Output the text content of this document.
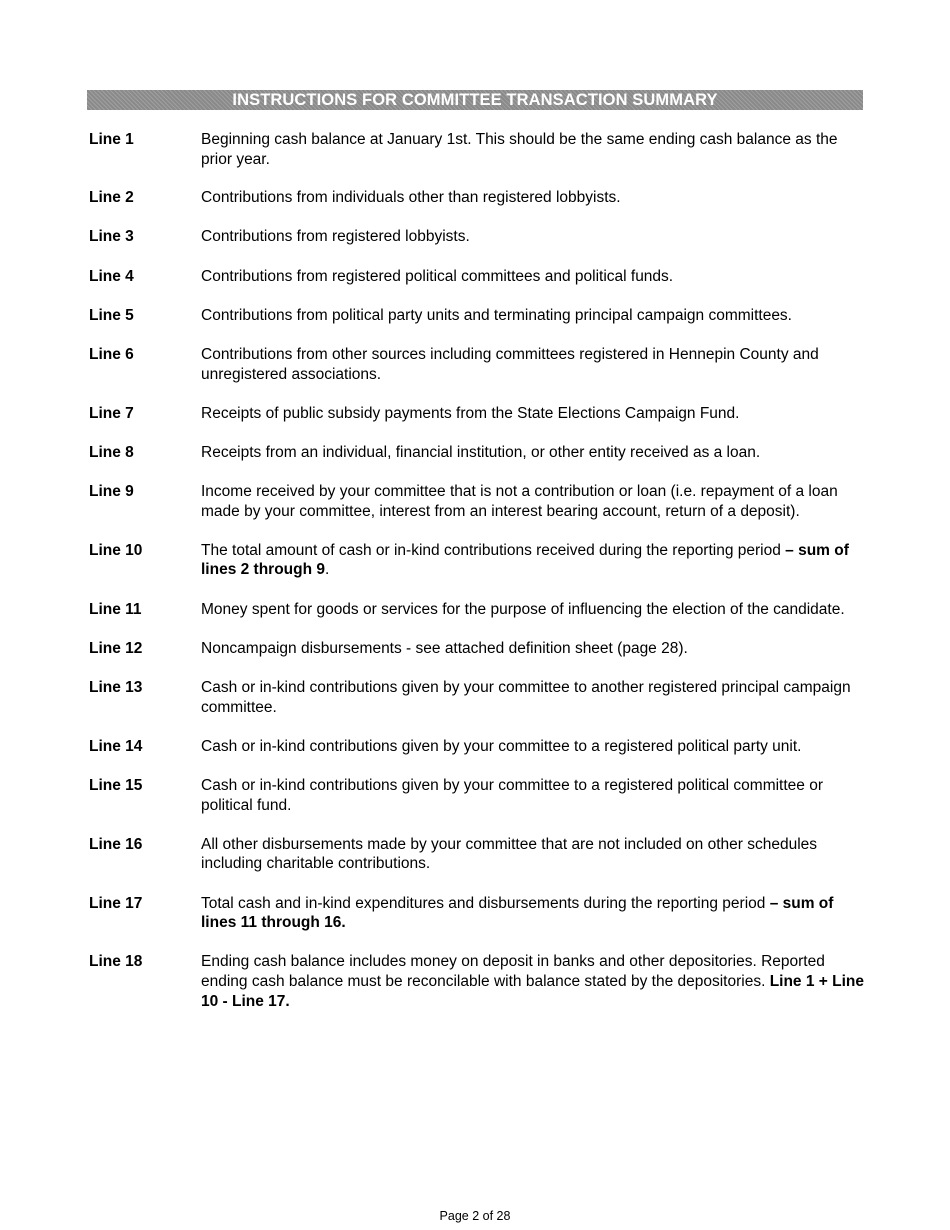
INSTRUCTIONS FOR COMMITTEE TRANSACTION SUMMARY
Line 1	Beginning cash balance at January 1st. This should be the same ending cash balance as the prior year.
Line 2	Contributions from individuals other than registered lobbyists.
Line 3	Contributions from registered lobbyists.
Line 4	Contributions from registered political committees and political funds.
Line 5	Contributions from political party units and terminating principal campaign committees.
Line 6	Contributions from other sources including committees registered in Hennepin County and unregistered associations.
Line 7	Receipts of public subsidy payments from the State Elections Campaign Fund.
Line 8	Receipts from an individual, financial institution, or other entity received as a loan.
Line 9	Income received by your committee that is not a contribution or loan (i.e. repayment of a loan made by your committee, interest from an interest bearing account, return of a deposit).
Line 10	The total amount of cash or in-kind contributions received during the reporting period – sum of lines 2 through 9.
Line 11	Money spent for goods or services for the purpose of influencing the election of the candidate.
Line 12	Noncampaign disbursements - see attached definition sheet (page 28).
Line 13	Cash or in-kind contributions given by your committee to another registered principal campaign committee.
Line 14	Cash or in-kind contributions given by your committee to a registered political party unit.
Line 15	Cash or in-kind contributions given by your committee to a registered political committee or political fund.
Line 16	All other disbursements made by your committee that are not included on other schedules including charitable contributions.
Line 17	Total cash and in-kind expenditures and disbursements during the reporting period – sum of lines 11 through 16.
Line 18	Ending cash balance includes money on deposit in banks and other depositories. Reported ending cash balance must be reconcilable with balance stated by the depositories. Line 1 + Line 10 - Line 17.
Page 2 of 28
